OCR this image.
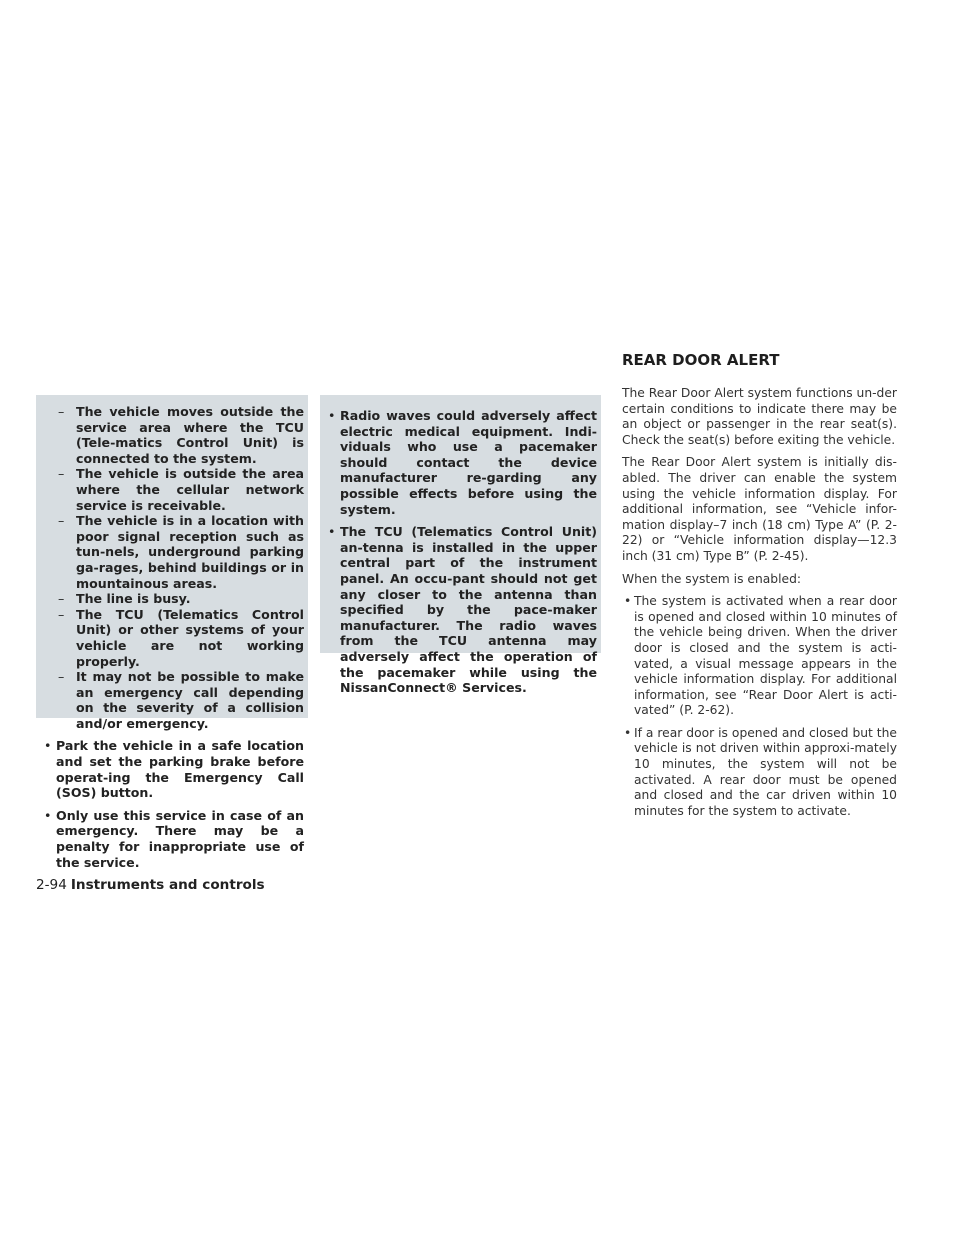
– The vehicle moves outside the service area where the TCU (Tele-matics Control Unit) is connected to the system.
– The vehicle is outside the area where the cellular network service is receivable.
– The vehicle is in a location with poor signal reception such as tun-nels, underground parking ga-rages, behind buildings or in mountainous areas.
– The line is busy.
– The TCU (Telematics Control Unit) or other systems of your vehicle are not working properly.
– It may not be possible to make an emergency call depending on the severity of a collision and/or emergency.
• Park the vehicle in a safe location and set the parking brake before operat-ing the Emergency Call (SOS) button.
• Only use this service in case of an emergency. There may be a penalty for inappropriate use of the service.
• Radio waves could adversely affect electric medical equipment. Indi-viduals who use a pacemaker should contact the device manufacturer re-garding any possible effects before using the system.
• The TCU (Telematics Control Unit) an-tenna is installed in the upper central part of the instrument panel. An occu-pant should not get any closer to the antenna than specified by the pace-maker manufacturer. The radio waves from the TCU antenna may adversely affect the operation of the pacemaker while using the NissanConnect® Services.
REAR DOOR ALERT

The Rear Door Alert system functions un-der certain conditions to indicate there may be an object or passenger in the rear seat(s). Check the seat(s) before exiting the vehicle.

The Rear Door Alert system is initially dis-abled. The driver can enable the system using the vehicle information display. For additional information, see “Vehicle infor-mation display–7 inch (18 cm) Type A” (P. 2-22) or “Vehicle information display—12.3 inch (31 cm) Type B” (P. 2-45).

When the system is enabled:

• The system is activated when a rear door is opened and closed within 10 minutes of the vehicle being driven. When the driver door is closed and the system is acti-vated, a visual message appears in the vehicle information display. For additional information, see “Rear Door Alert is acti-vated” (P. 2-62).
• If a rear door is opened and closed but the vehicle is not driven within approxi-mately 10 minutes, the system will not be activated. A rear door must be opened and closed and the car driven within 10 minutes for the system to activate.
2-94 Instruments and controls
